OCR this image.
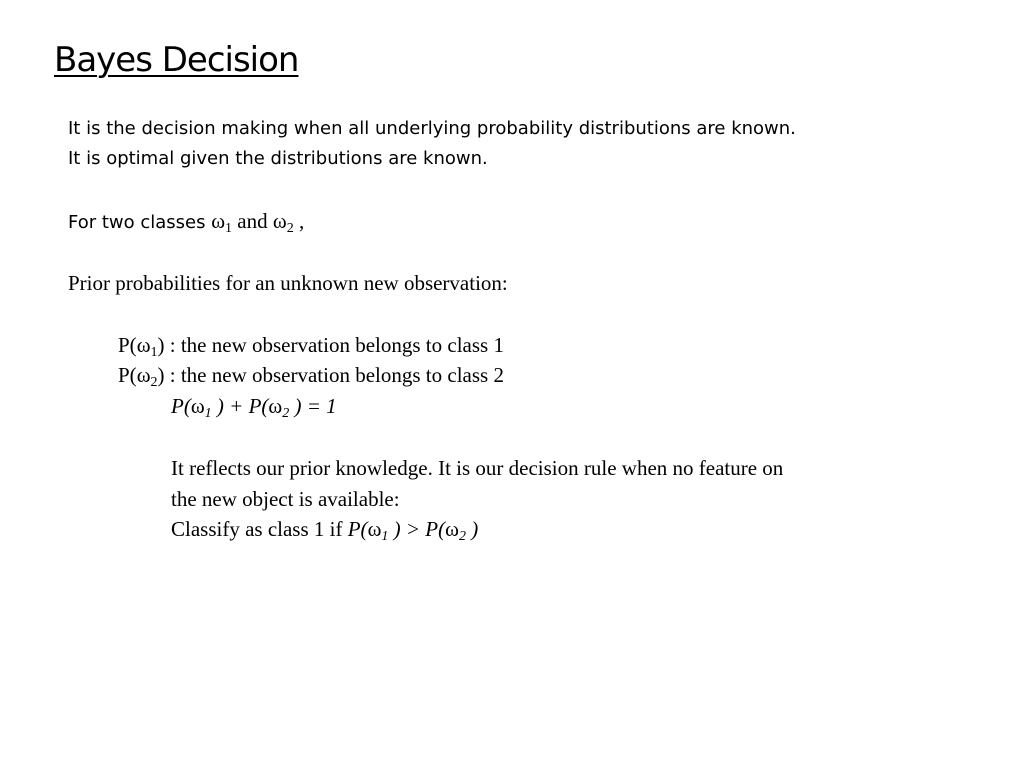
Bayes Decision
It is the decision making when all underlying probability distributions are known.
It is optimal given the distributions are known.
For two classes $\omega_1$ and $\omega_2$ ,
Prior probabilities for an unknown new observation:
$P(\omega_1)$ : the new observation belongs to class 1
$P(\omega_2)$ : the new observation belongs to class 2
$P(\omega_1$ ) + $P(\omega_2$ ) = 1
It reflects our prior knowledge. It is our decision rule when no feature on
the new object is available:
Classify as class 1 if $P(\omega_1$ ) > $P(\omega_2$ )
